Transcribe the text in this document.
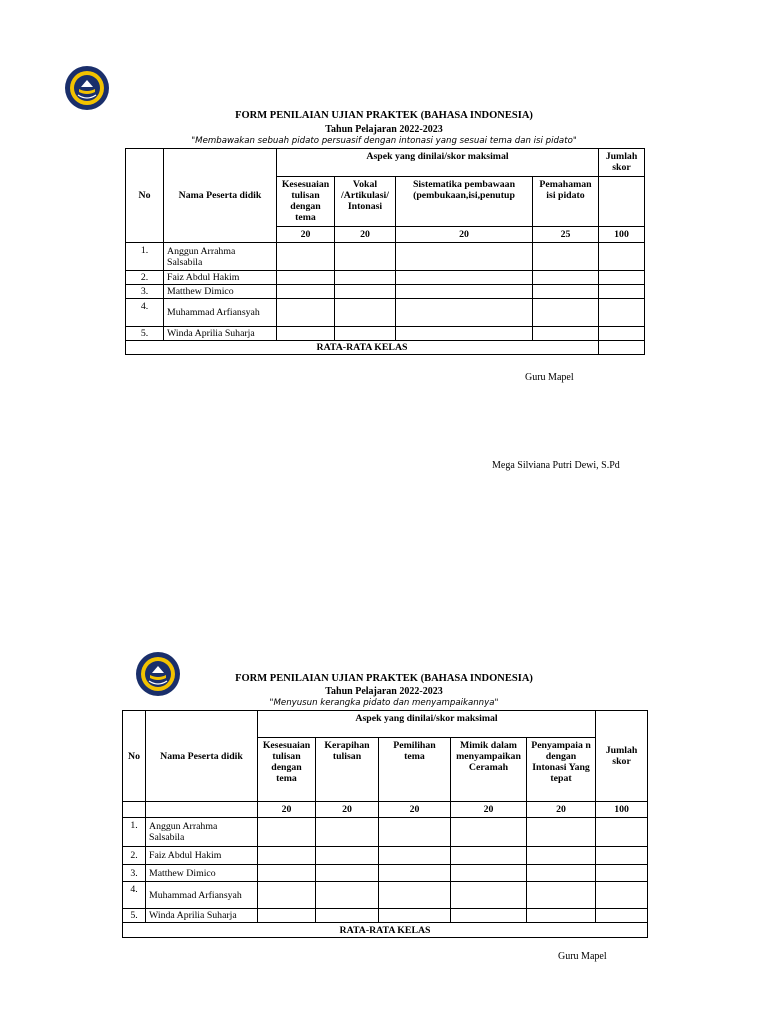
FORM PENILAIAN UJIAN PRAKTEK (BAHASA INDONESIA)
Tahun Pelajaran 2022-2023
"Membawakan sebuah pidato persuasif dengan intonasi yang sesuai tema dan isi pidato"
No	Nama Peserta didik	Aspek yang dinilai/skor maksimal				Jumlah skor
		Kesesuaian tulisan dengan tema	Vokal /Artikulasi/ Intonasi	Sistematika pembawaan (pembukaan,isi,penutup	Pemahaman isi pidato	
		20	20	20	25	100
1.	Anggun Arrahma Salsabila					
2.	Faiz Abdul Hakim					
3.	Matthew Dimico					
4.	Muhammad Arfiansyah					
5.	Winda Aprilia Suharja					
RATA-RATA KELAS						
Guru Mapel
Mega Silviana Putri Dewi, S.Pd
FORM PENILAIAN UJIAN PRAKTEK (BAHASA INDONESIA)
Tahun Pelajaran 2022-2023
"Menyusun kerangka pidato dan menyampaikannya"
No	Nama Peserta didik	Aspek yang dinilai/skor maksimal					Jumlah skor
		Kesesuaian tulisan dengan tema	Kerapihan tulisan	Pemilihan tema	Mimik dalam menyampaikan Ceramah	Penyampaia n dengan Intonasi Yang tepat	
		20	20	20	20	20	100
1.	Anggun Arrahma Salsabila						
2.	Faiz Abdul Hakim						
3.	Matthew Dimico						
4.	Muhammad Arfiansyah						
5.	Winda Aprilia Suharja						
RATA-RATA KELAS							
Guru Mapel
